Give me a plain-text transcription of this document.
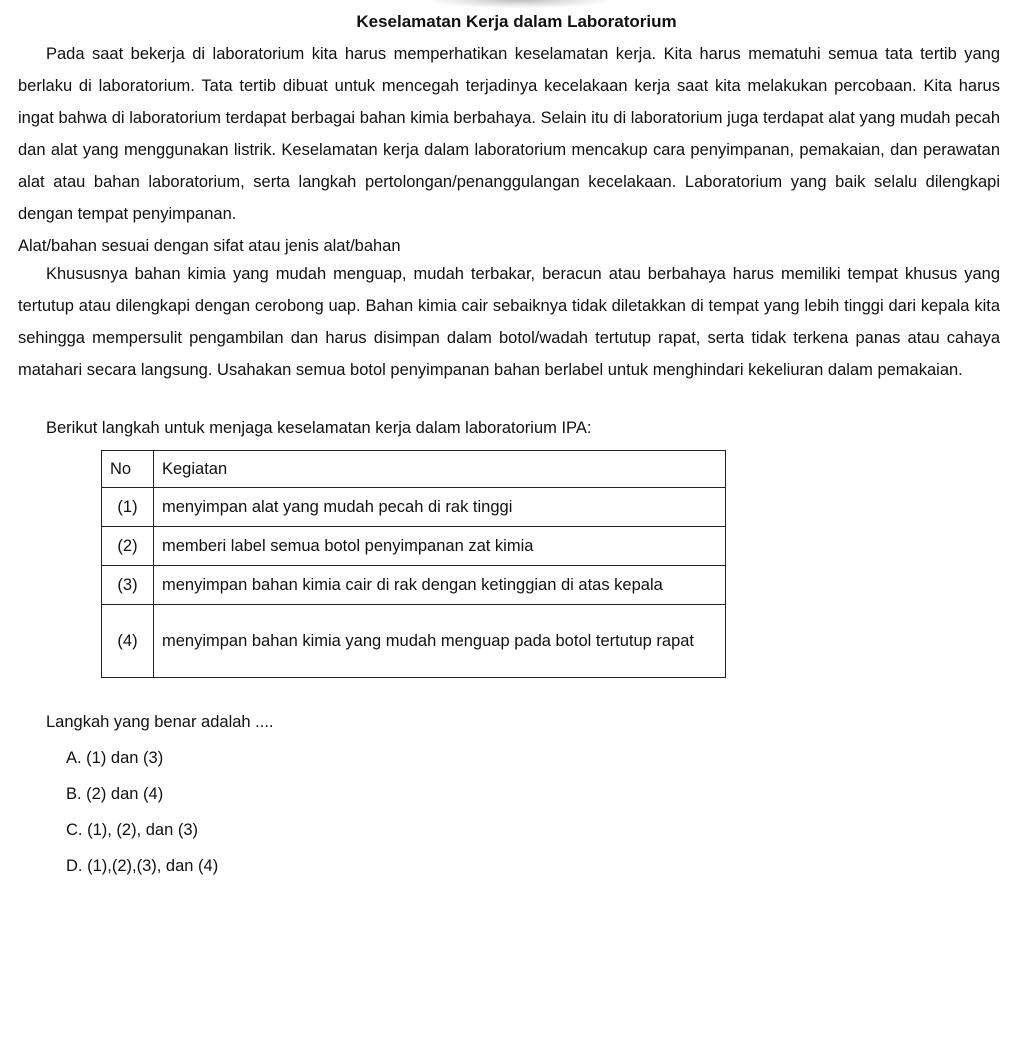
Keselamatan Kerja dalam Laboratorium

Pada saat bekerja di laboratorium kita harus memperhatikan keselamatan kerja. Kita harus mematuhi semua tata tertib yang berlaku di laboratorium. Tata tertib dibuat untuk mencegah terjadinya kecelakaan kerja saat kita melakukan percobaan. Kita harus ingat bahwa di laboratorium terdapat berbagai bahan kimia berbahaya. Selain itu di laboratorium juga terdapat alat yang mudah pecah dan alat yang menggunakan listrik. Keselamatan kerja dalam laboratorium mencakup cara penyimpanan, pemakaian, dan perawatan alat atau bahan laboratorium, serta langkah pertolongan/penanggulangan kecelakaan. Laboratorium yang baik selalu dilengkapi dengan tempat penyimpanan.

Alat/bahan sesuai dengan sifat atau jenis alat/bahan

Khususnya bahan kimia yang mudah menguap, mudah terbakar, beracun atau berbahaya harus memiliki tempat khusus yang tertutup atau dilengkapi dengan cerobong uap. Bahan kimia cair sebaiknya tidak diletakkan di tempat yang lebih tinggi dari kepala kita sehingga mempersulit pengambilan dan harus disimpan dalam botol/wadah tertutup rapat, serta tidak terkena panas atau cahaya matahari secara langsung. Usahakan semua botol penyimpanan bahan berlabel untuk menghindari kekeliuran dalam pemakaian.

Berikut langkah untuk menjaga keselamatan kerja dalam laboratorium IPA:
No	Kegiatan
(1)	menyimpan alat yang mudah pecah di rak tinggi
(2)	memberi label semua botol penyimpanan zat kimia
(3)	menyimpan bahan kimia cair di rak dengan ketinggian di atas kepala
(4)	menyimpan bahan kimia yang mudah menguap pada botol tertutup rapat
Langkah yang benar adalah ....
A. (1) dan (3)
B. (2) dan (4)
C. (1), (2), dan (3)
D. (1),(2),(3), dan (4)
